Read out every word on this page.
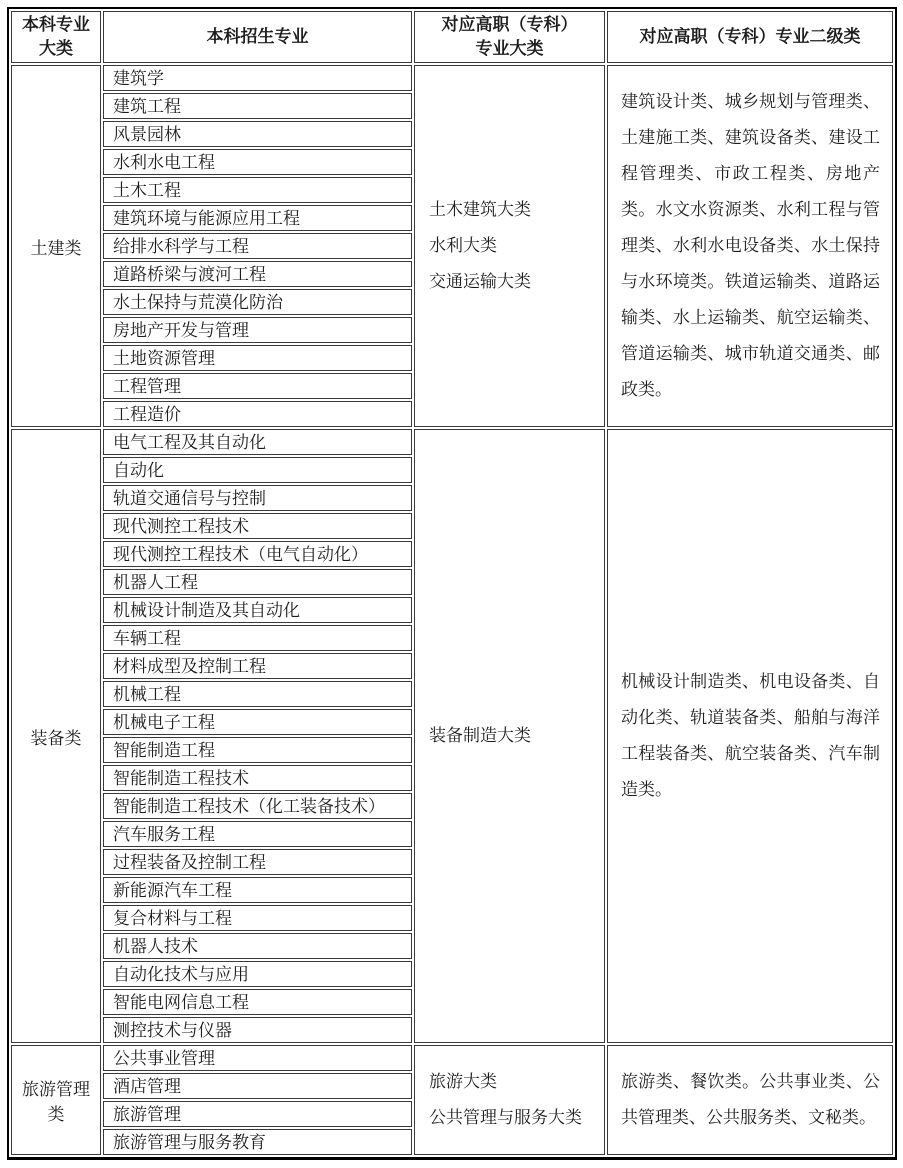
本科专业大类
本科招生专业
对应高职（专科）专业大类
对应高职（专科）专业二级类
土建类
建筑学
建筑工程
风景园林
水利水电工程
土木工程
建筑环境与能源应用工程
给排水科学与工程
道路桥梁与渡河工程
水土保持与荒漠化防治
房地产开发与管理
土地资源管理
工程管理
工程造价
土木建筑大类
水利大类
交通运输大类
建筑设计类、城乡规划与管理类、土建施工类、建筑设备类、建设工程管理类、市政工程类、房地产类。水文水资源类、水利工程与管理类、水利水电设备类、水土保持与水环境类。铁道运输类、道路运输类、水上运输类、航空运输类、管道运输类、城市轨道交通类、邮政类。
装备类
电气工程及其自动化
自动化
轨道交通信号与控制
现代测控工程技术
现代测控工程技术（电气自动化）
机器人工程
机械设计制造及其自动化
车辆工程
材料成型及控制工程
机械工程
机械电子工程
智能制造工程
智能制造工程技术
智能制造工程技术（化工装备技术）
汽车服务工程
过程装备及控制工程
新能源汽车工程
复合材料与工程
机器人技术
自动化技术与应用
智能电网信息工程
测控技术与仪器
装备制造大类
机械设计制造类、机电设备类、自动化类、轨道装备类、船舶与海洋工程装备类、航空装备类、汽车制造类。
旅游管理类
公共事业管理
酒店管理
旅游管理
旅游管理与服务教育
旅游大类
公共管理与服务大类
旅游类、餐饮类。公共事业类、公共管理类、公共服务类、文秘类。
